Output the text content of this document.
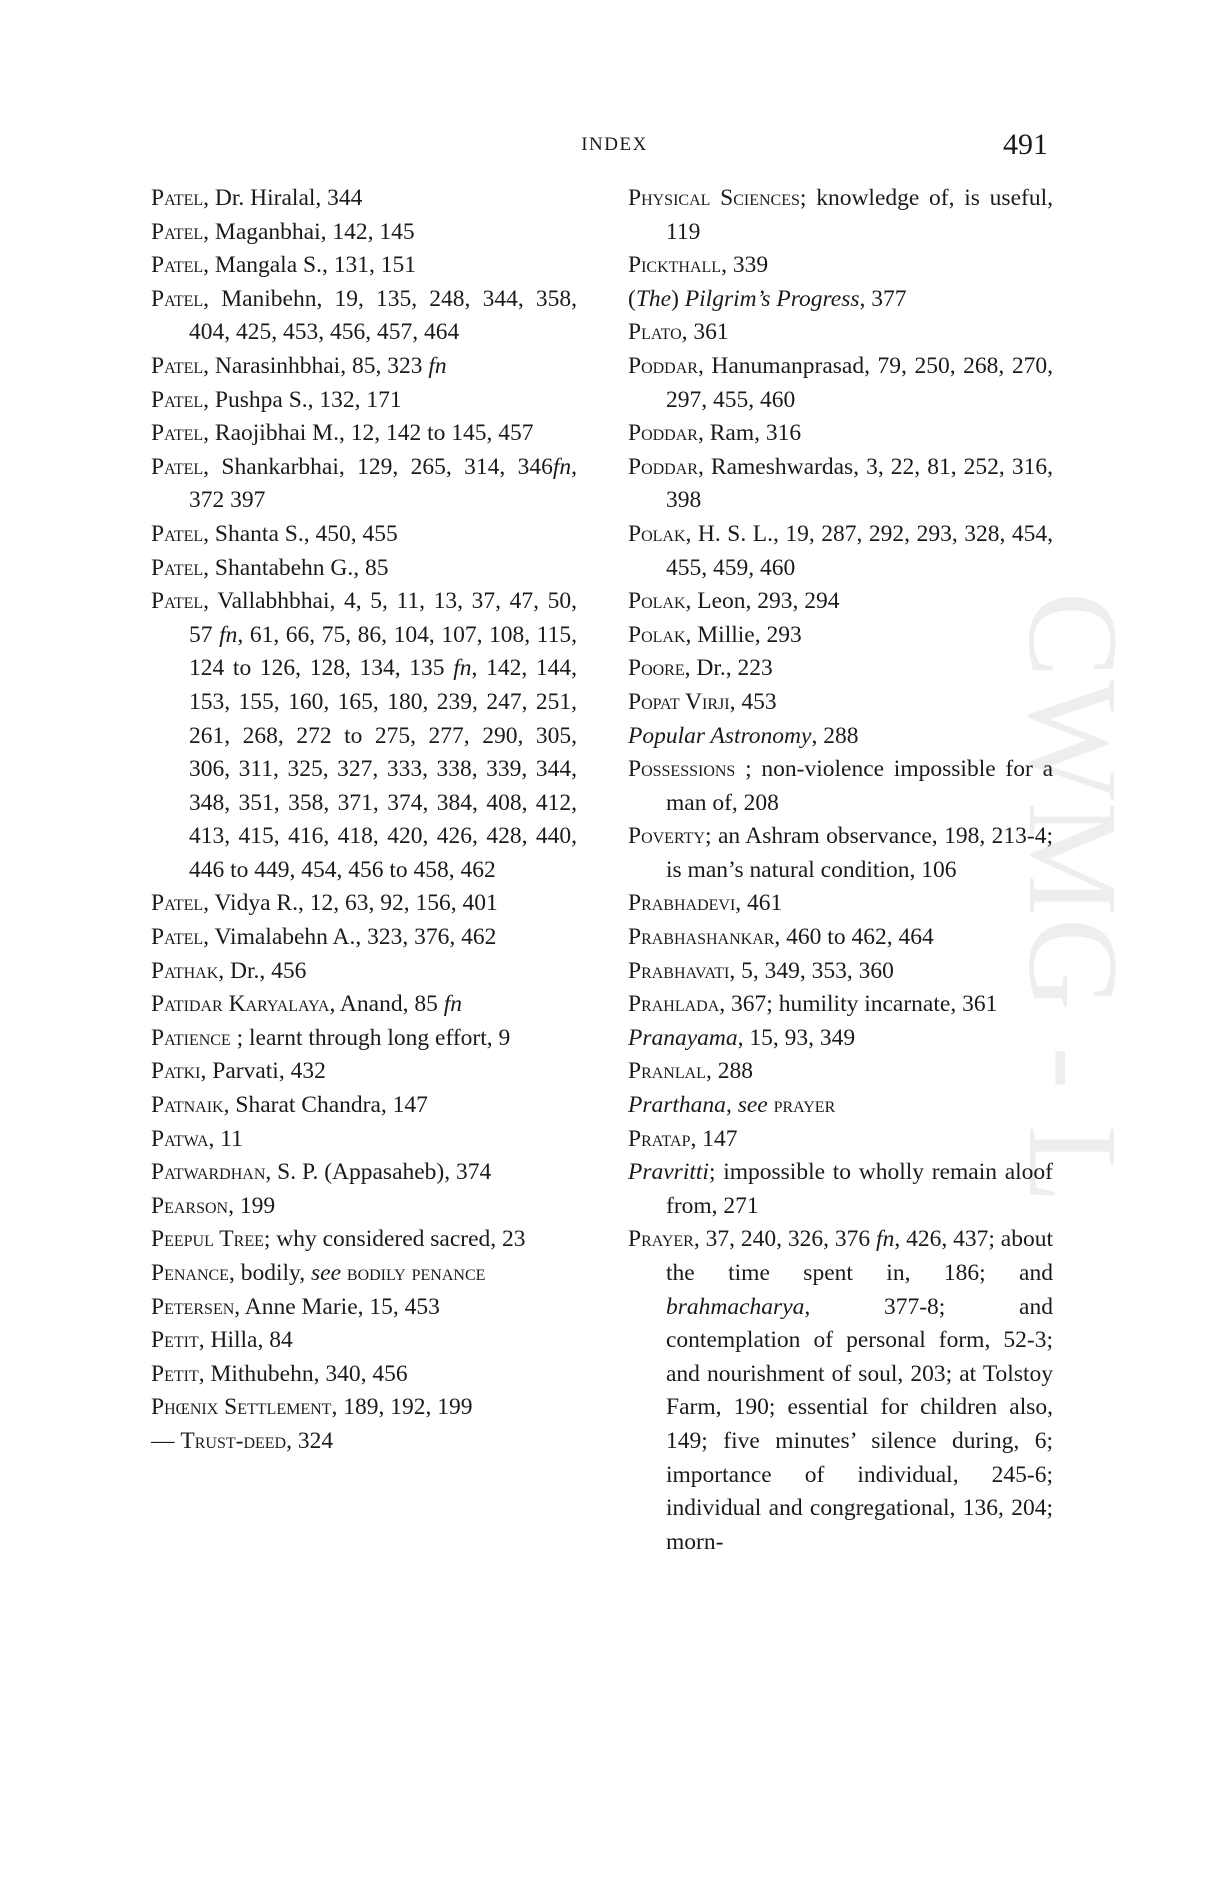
INDEX	491
CWMG - L

Patel, Dr. Hiralal, 344

Patel, Maganbhai, 142, 145

Patel, Mangala S., 131, 151

Patel, Manibehn, 19, 135, 248, 344, 358, 404, 425, 453, 456, 457, 464

Patel, Narasinhbhai, 85, 323 fn

Patel, Pushpa S., 132, 171

Patel, Raojibhai M., 12, 142 to 145, 457

Patel, Shankarbhai, 129, 265, 314, 346fn, 372 397

Patel, Shanta S., 450, 455

Patel, Shantabehn G., 85

Patel, Vallabhbhai, 4, 5, 11, 13, 37, 47, 50, 57 fn, 61, 66, 75, 86, 104, 107, 108, 115, 124 to 126, 128, 134, 135 fn, 142, 144, 153, 155, 160, 165, 180, 239, 247, 251, 261, 268, 272 to 275, 277, 290, 305, 306, 311, 325, 327, 333, 338, 339, 344, 348, 351, 358, 371, 374, 384, 408, 412, 413, 415, 416, 418, 420, 426, 428, 440, 446 to 449, 454, 456 to 458, 462

Patel, Vidya R., 12, 63, 92, 156, 401

Patel, Vimalabehn A., 323, 376, 462

Pathak, Dr., 456

Patidar Karyalaya, Anand, 85 fn

Patience ; learnt through long effort, 9

Patki, Parvati, 432

Patnaik, Sharat Chandra, 147

Patwa, 11

Patwardhan, S. P. (Appasaheb), 374

Pearson, 199

Peepul Tree; why considered sacred, 23

Penance, bodily, see bodily penance

Petersen, Anne Marie, 15, 453

Petit, Hilla, 84

Petit, Mithubehn, 340, 456

Phœnix Settlement, 189, 192, 199

— Trust-deed, 324

Physical Sciences; knowledge of, is useful, 119

Pickthall, 339

(The) Pilgrim’s Progress, 377

Plato, 361

Poddar, Hanumanprasad, 79, 250, 268, 270, 297, 455, 460

Poddar, Ram, 316

Poddar, Rameshwardas, 3, 22, 81, 252, 316, 398

Polak, H. S. L., 19, 287, 292, 293, 328, 454, 455, 459, 460

Polak, Leon, 293, 294

Polak, Millie, 293

Poore, Dr., 223

Popat Virji, 453

Popular Astronomy, 288

Possessions ; non-violence impossible for a man of, 208

Poverty; an Ashram observance, 198, 213-4; is man’s natural condition, 106

Prabhadevi, 461

Prabhashankar, 460 to 462, 464

Prabhavati, 5, 349, 353, 360

Prahlada, 367; humility incarnate, 361

Pranayama, 15, 93, 349

Pranlal, 288

Prarthana, see prayer

Pratap, 147

Pravritti; impossible to wholly remain aloof from, 271

Prayer, 37, 240, 326, 376 fn, 426, 437; about the time spent in, 186; and brahmacharya, 377-8; and contemplation of personal form, 52-3; and nourishment of soul, 203; at Tolstoy Farm, 190; essential for children also, 149; five minutes’ silence during, 6; importance of individual, 245-6; individual and congregational, 136, 204; morn-
